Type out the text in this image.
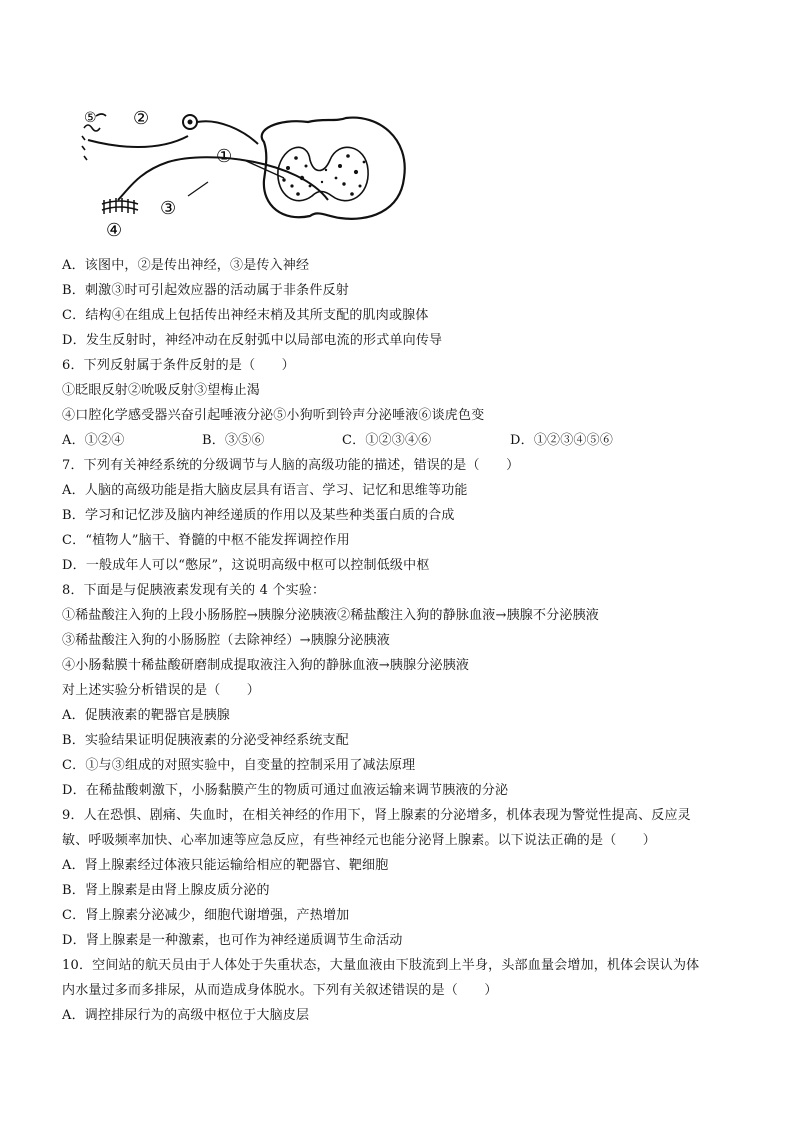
⑤ ②
①
③
④
A．该图中，②是传出神经，③是传入神经
B．刺激③时可引起效应器的活动属于非条件反射
C．结构④在组成上包括传出神经末梢及其所支配的肌肉或腺体
D．发生反射时，神经冲动在反射弧中以局部电流的形式单向传导
6．下列反射属于条件反射的是（　　）
①眨眼反射②吮吸反射③望梅止渴
④口腔化学感受器兴奋引起唾液分泌⑤小狗听到铃声分泌唾液⑥谈虎色变
A．①②④	B．③⑤⑥	C．①②③④⑥	D．①②③④⑤⑥
7．下列有关神经系统的分级调节与人脑的高级功能的描述，错误的是（　　）
A．人脑的高级功能是指大脑皮层具有语言、学习、记忆和思维等功能
B．学习和记忆涉及脑内神经递质的作用以及某些种类蛋白质的合成
C．“植物人”脑干、脊髓的中枢不能发挥调控作用
D．一般成年人可以“憋尿”，这说明高级中枢可以控制低级中枢
8．下面是与促胰液素发现有关的 4 个实验：
①稀盐酸注入狗的上段小肠肠腔→胰腺分泌胰液②稀盐酸注入狗的静脉血液→胰腺不分泌胰液
③稀盐酸注入狗的小肠肠腔（去除神经）→胰腺分泌胰液
④小肠黏膜十稀盐酸研磨制成提取液注入狗的静脉血液→胰腺分泌胰液
对上述实验分析错误的是（　　）
A．促胰液素的靶器官是胰腺
B．实验结果证明促胰液素的分泌受神经系统支配
C．①与③组成的对照实验中，自变量的控制采用了减法原理
D．在稀盐酸刺激下，小肠黏膜产生的物质可通过血液运输来调节胰液的分泌
9．人在恐惧、剧痛、失血时，在相关神经的作用下，肾上腺素的分泌增多，机体表现为警觉性提高、反应灵
敏、呼吸频率加快、心率加速等应急反应，有些神经元也能分泌肾上腺素。以下说法正确的是（　　）
A．肾上腺素经过体液只能运输给相应的靶器官、靶细胞
B．肾上腺素是由肾上腺皮质分泌的
C．肾上腺素分泌减少，细胞代谢增强，产热增加
D．肾上腺素是一种激素，也可作为神经递质调节生命活动
10．空间站的航天员由于人体处于失重状态，大量血液由下肢流到上半身，头部血量会增加，机体会误认为体
内水量过多而多排尿，从而造成身体脱水。下列有关叙述错误的是（　　）
A．调控排尿行为的高级中枢位于大脑皮层
